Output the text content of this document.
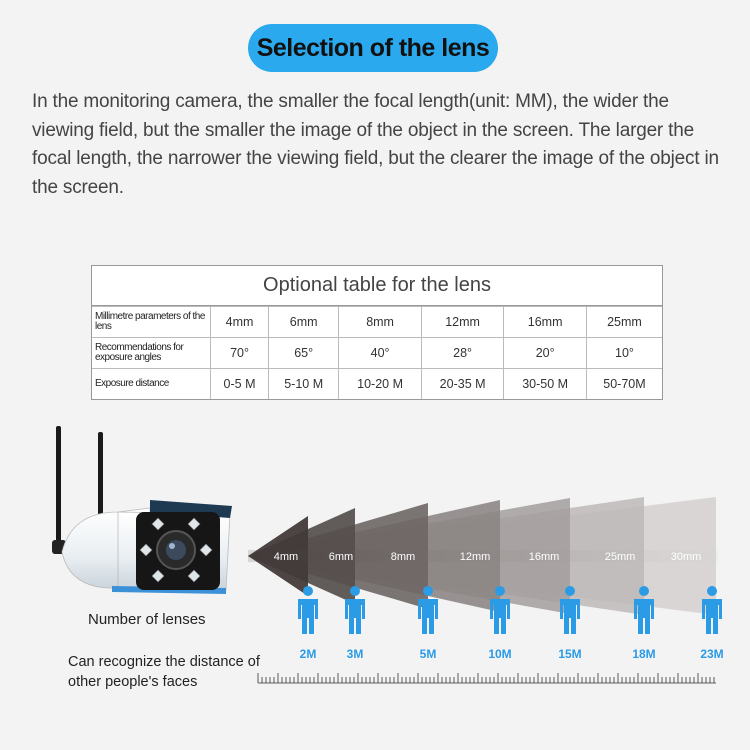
Selection of the lens

In the monitoring camera, the smaller the focal length(unit: MM), the wider the viewing field, but the smaller the image of the object in the screen. The larger the focal length, the narrower the viewing field, but the clearer the image of the object in the screen.

Optional table for the lens
Millimetre parameters of the lens	4mm	6mm	8mm	12mm	16mm	25mm
Recommendations for exposure angles	70°	65°	40°	28°	20°	10°
Exposure distance	0-5 M	5-10 M	10-20 M	20-35 M	30-50 M	50-70M
4mm	6mm	8mm	12mm	16mm	25mm	30mm
2M	3M	5M	10M	15M	18M	23M
Number of lenses
Can recognize the distance of other people's faces
